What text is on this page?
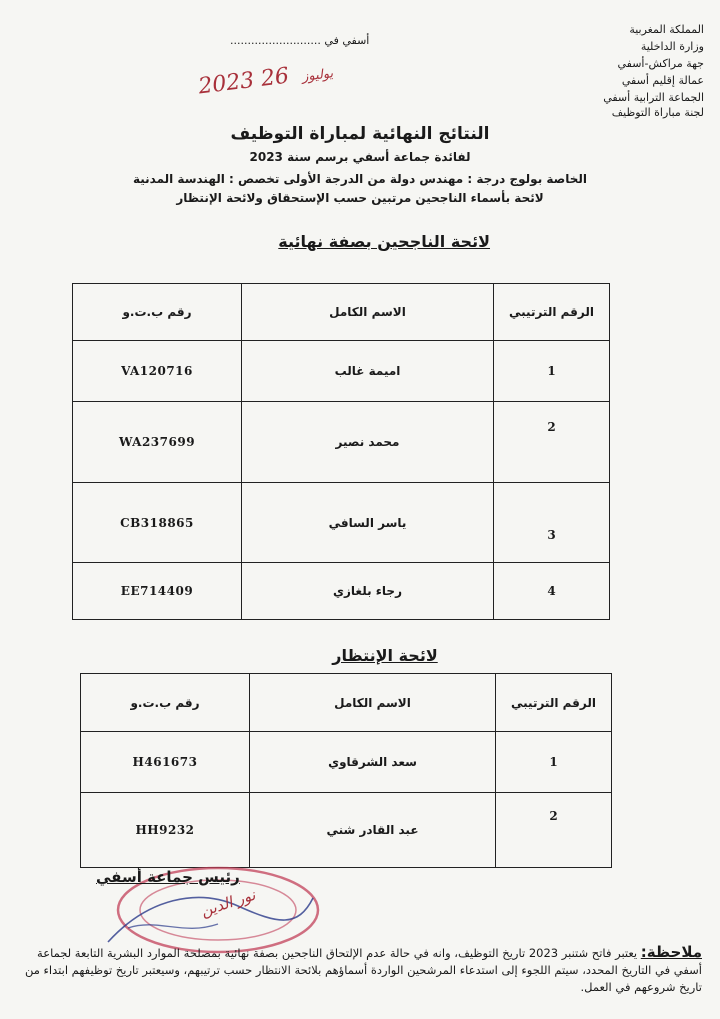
المملكة المغربية
وزارة الداخلية
جهة مراكش-أسفي
عمالة إقليم أسفي
الجماعة الترابية أسفي
لجنة مباراة التوظيف
أسفي في ..........................
2023	يوليوز 26
النتائج النهائية لمباراة التوظيف
لفائدة جماعة أسفي برسم سنة 2023
الخاصة بولوج درجة : مهندس دولة من الدرجة الأولى تخصص : الهندسة المدنية
لائحة بأسماء الناجحين مرتبين حسب الإستحقاق ولائحة الإنتظار
لائحة الناجحين بصفة نهائية
الرقم الترتيبي	الاسم الكامل	رقم ب.ت.و
1	اميمة غالب	VA120716
2	محمد نصير	WA237699
3	ياسر السافي	CB318865
4	رجاء بلغازي	EE714409
لائحة الإنتظار
الرقم الترتيبي	الاسم الكامل	رقم ب.ت.و
1	سعد الشرقاوي	H461673
2	عبد القادر شني	HH9232
رئيس جماعة أسفي
نور الدين
ملاحظة: يعتبر فاتح شتنبر 2023 تاريخ التوظيف، وانه في حالة عدم الإلتحاق الناجحين بصفة نهائية بمصلحة الموارد البشرية التابعة لجماعة أسفي في التاريخ المحدد، سيتم اللجوء إلى استدعاء المرشحين الواردة أسماؤهم بلائحة الانتظار حسب ترتيبهم، وسيعتبر تاريخ توظيفهم ابتداء من تاريخ شروعهم في العمل.
